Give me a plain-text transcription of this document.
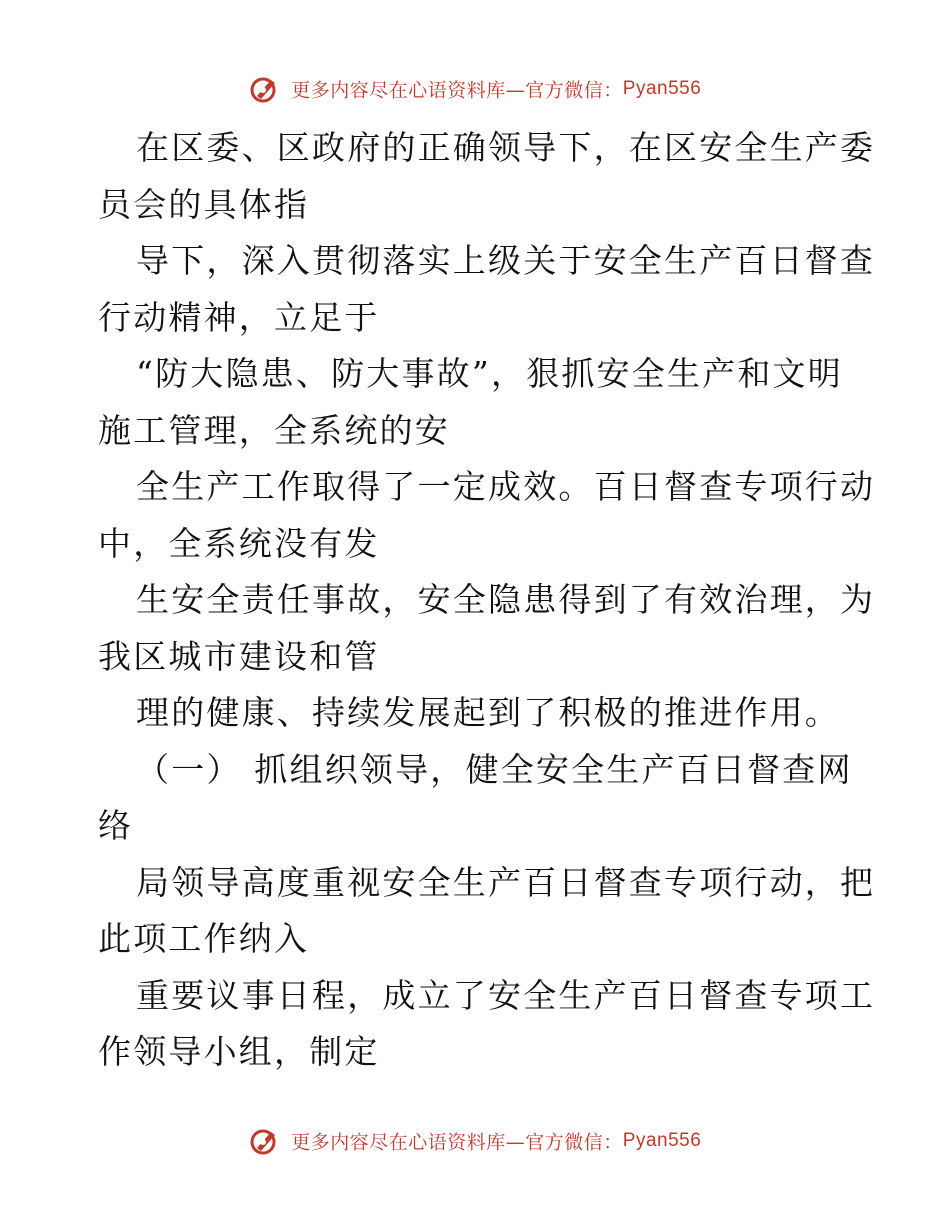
更多内容尽在心语资料库—官方微信：Pyan556

在区委、区政府的正确领导下，在区安全生产委

员会的具体指

导下，深入贯彻落实上级关于安全生产百日督查

行动精神，立足于

“防大隐患、防大事故”，狠抓安全生产和文明

施工管理，全系统的安

全生产工作取得了一定成效。百日督查专项行动

中，全系统没有发

生安全责任事故，安全隐患得到了有效治理，为

我区城市建设和管

理的健康、持续发展起到了积极的推进作用。

（一） 抓组织领导，健全安全生产百日督查网

络

局领导高度重视安全生产百日督查专项行动，把

此项工作纳入

重要议事日程，成立了安全生产百日督查专项工

作领导小组，制定

更多内容尽在心语资料库—官方微信：Pyan556
